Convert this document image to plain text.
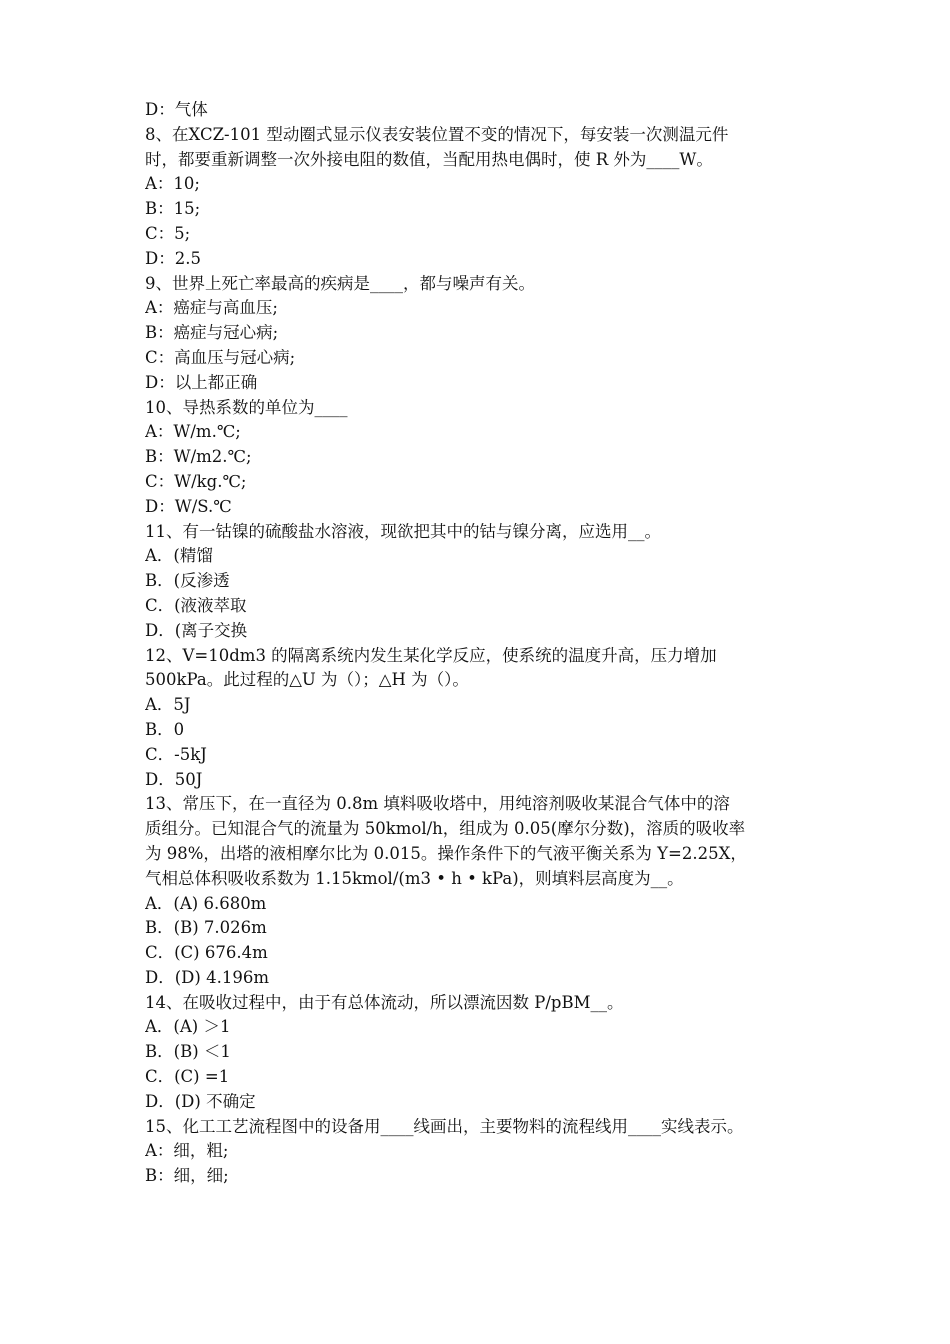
D：气体
8、在XCZ-101 型动圈式显示仪表安装位置不变的情况下，每安装一次测温元件
时，都要重新调整一次外接电阻的数值，当配用热电偶时，使 R 外为____W。
A：10;
B：15;
C：5;
D：2.5
9、世界上死亡率最高的疾病是____，都与噪声有关。
A：癌症与高血压;
B：癌症与冠心病;
C：高血压与冠心病;
D：以上都正确
10、导热系数的单位为____
A：W/m.℃;
B：W/m2.℃;
C：W/kg.℃;
D：W/S.℃
11、有一钴镍的硫酸盐水溶液，现欲把其中的钴与镍分离，应选用__。
A．(精馏
B．(反渗透
C．(液液萃取
D．(离子交换
12、V=10dm3 的隔离系统内发生某化学反应，使系统的温度升高，压力增加
500kPa。此过程的△U 为（）；△H 为（）。
A．5J
B．0
C．-5kJ
D．50J
13、常压下，在一直径为 0.8m 填料吸收塔中，用纯溶剂吸收某混合气体中的溶
质组分。已知混合气的流量为 50kmol/h，组成为 0.05(摩尔分数)，溶质的吸收率
为 98%，出塔的液相摩尔比为 0.015。操作条件下的气液平衡关系为 Y=2.25X，
气相总体积吸收系数为 1.15kmol/(m3 • h • kPa)，则填料层高度为__。
A．(A) 6.680m
B．(B) 7.026m
C．(C) 676.4m
D．(D) 4.196m
14、在吸收过程中，由于有总体流动，所以漂流因数 P/pBM__。
A．(A) ＞1
B．(B) ＜1
C．(C) =1
D．(D) 不确定
15、化工工艺流程图中的设备用____线画出，主要物料的流程线用____实线表示。
A：细，粗;
B：细，细;
